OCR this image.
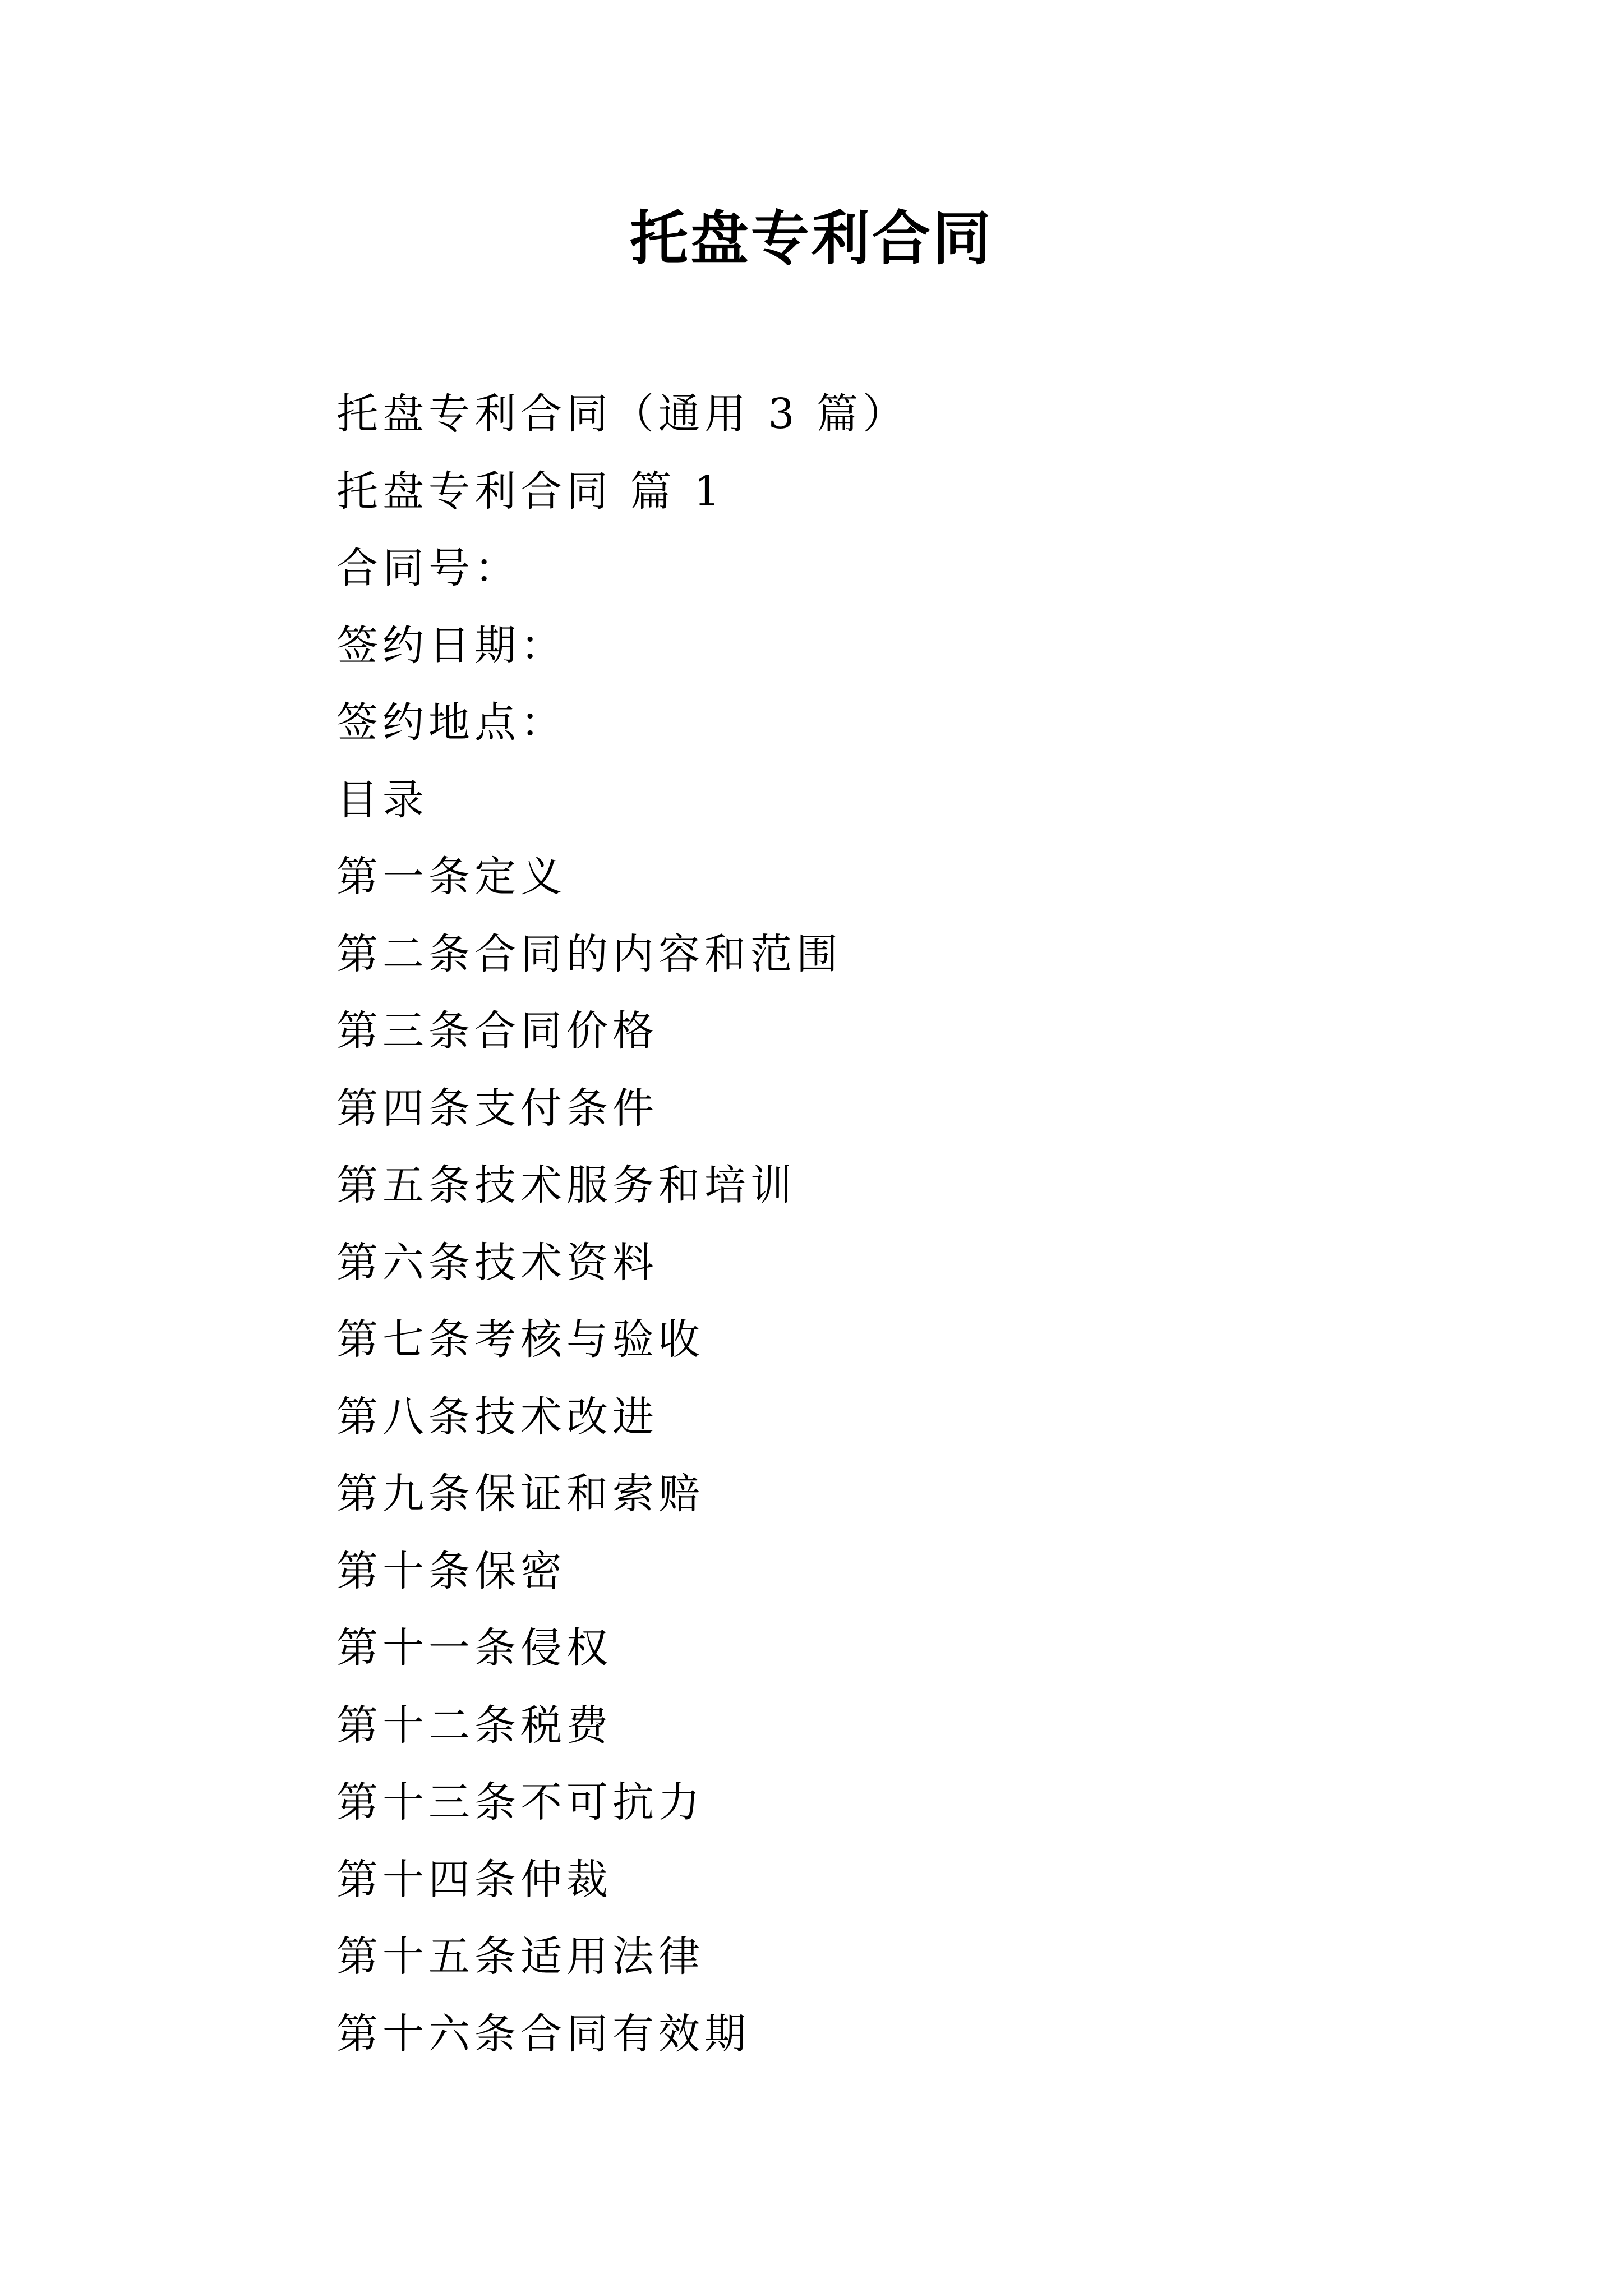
托盘专利合同
托盘专利合同（通用 3 篇）
托盘专利合同 篇 1
合同号：
签约日期：
签约地点：
目录
第一条定义
第二条合同的内容和范围
第三条合同价格
第四条支付条件
第五条技术服务和培训
第六条技术资料
第七条考核与验收
第八条技术改进
第九条保证和索赔
第十条保密
第十一条侵权
第十二条税费
第十三条不可抗力
第十四条仲裁
第十五条适用法律
第十六条合同有效期
